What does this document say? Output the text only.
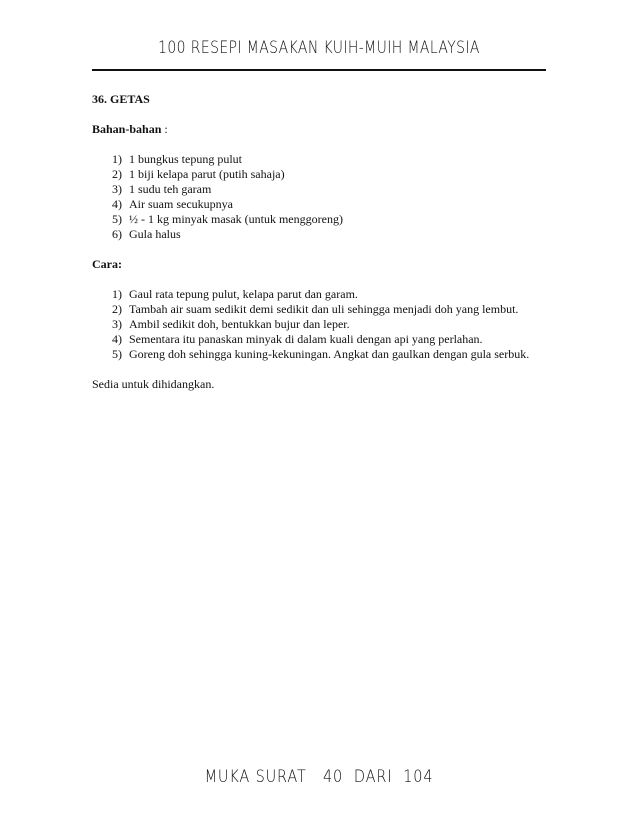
100 RESEPI MASAKAN KUIH-MUIH MALAYSIA

36. GETAS

Bahan-bahan :

1) 1 bungkus tepung pulut
2) 1 biji kelapa parut (putih sahaja)
3) 1 sudu teh garam
4) Air suam secukupnya
5) ½ - 1 kg minyak masak (untuk menggoreng)
6) Gula halus

Cara:

1) Gaul rata tepung pulut, kelapa parut dan garam.
2) Tambah air suam sedikit demi sedikit dan uli sehingga menjadi doh yang lembut.
3) Ambil sedikit doh, bentukkan bujur dan leper.
4) Sementara itu panaskan minyak di dalam kuali dengan api yang perlahan.
5) Goreng doh sehingga kuning-kekuningan. Angkat dan gaulkan dengan gula serbuk.

Sedia untuk dihidangkan.

MUKA SURAT   40  DARI  104
